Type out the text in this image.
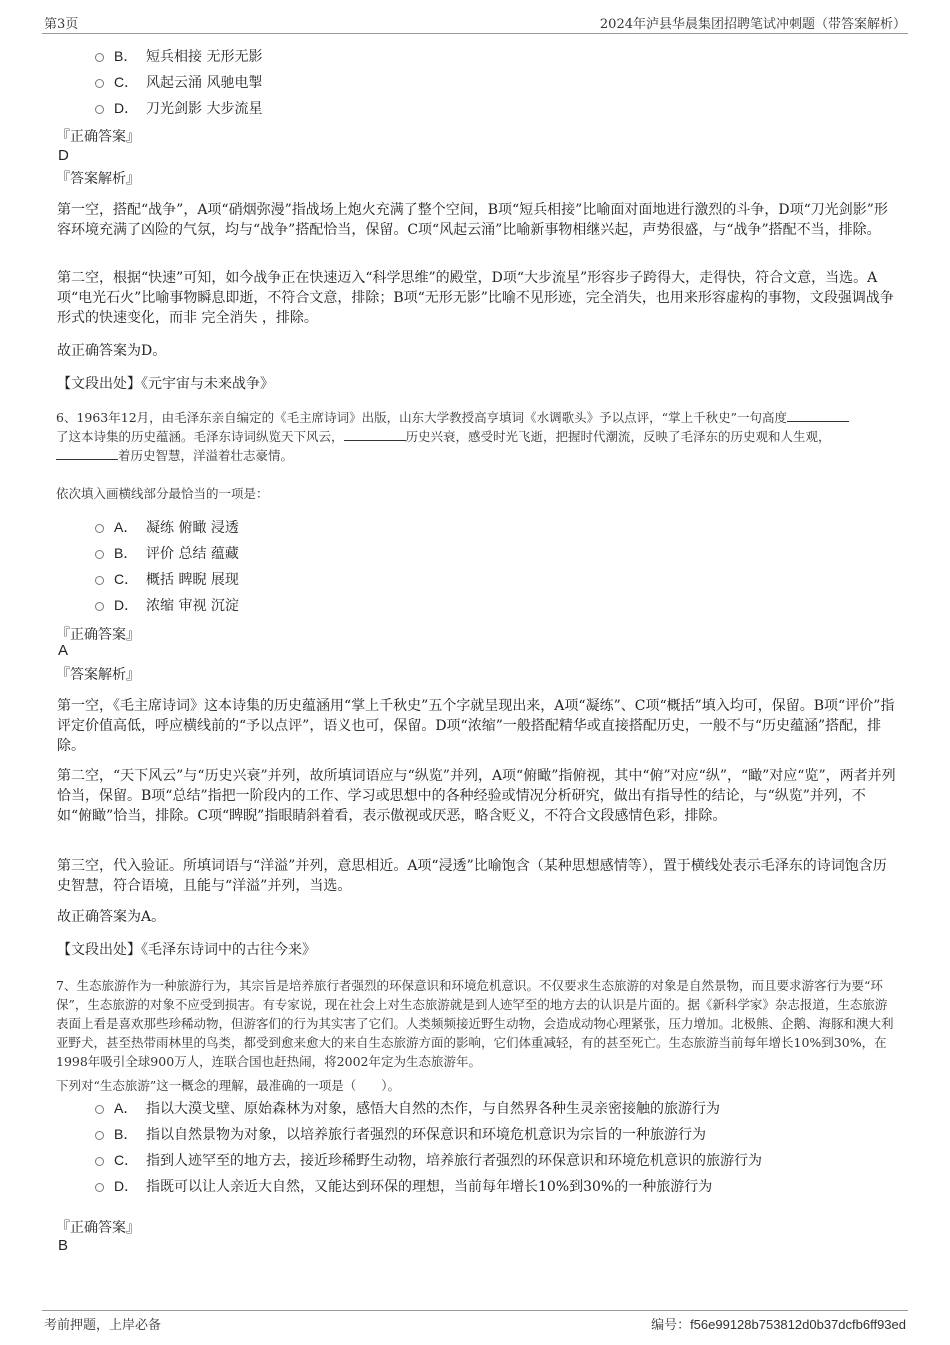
第3页	2024年泸县华晨集团招聘笔试冲刺题（带答案解析）
B． 短兵相接 无形无影
C． 风起云涌 风驰电掣
D． 刀光剑影 大步流星
『正确答案』
D
『答案解析』
第一空，搭配“战争”，A项“硝烟弥漫”指战场上炮火充满了整个空间，B项“短兵相接”比喻面对面地进行激烈的斗争，D项“刀光剑影”形容环境充满了凶险的气氛，均与“战争”搭配恰当，保留。C项“风起云涌”比喻新事物相继兴起，声势很盛，与“战争”搭配不当，排除。
第二空，根据“快速”可知，如今战争正在快速迈入“科学思维”的殿堂，D项“大步流星”形容步子跨得大，走得快，符合文意，当选。A项“电光石火”比喻事物瞬息即逝，不符合文意，排除；B项“无形无影”比喻不见形迹，完全消失，也用来形容虚构的事物，文段强调战争形式的快速变化，而非 完全消失 ，排除。
故正确答案为D。
【文段出处】《元宇宙与未来战争》
6、1963年12月，由毛泽东亲自编定的《毛主席诗词》出版，山东大学教授高亨填词《水调歌头》予以点评，“掌上千秋史”一句高度
了这本诗集的历史蕴涵。毛泽东诗词纵览天下风云，	历史兴衰，感受时光飞逝，把握时代潮流，反映了毛泽东的历史观和人生观，
着历史智慧，洋溢着壮志豪情。
依次填入画横线部分最恰当的一项是：
A． 凝练 俯瞰 浸透
B． 评价 总结 蕴藏
C． 概括 睥睨 展现
D． 浓缩 审视 沉淀
『正确答案』
A
『答案解析』
第一空，《毛主席诗词》这本诗集的历史蕴涵用“掌上千秋史”五个字就呈现出来，A项“凝练”、C项“概括”填入均可，保留。B项“评价”指评定价值高低，呼应横线前的“予以点评”，语义也可，保留。D项“浓缩”一般搭配精华或直接搭配历史，一般不与“历史蕴涵”搭配，排除。
第二空，“天下风云”与“历史兴衰”并列，故所填词语应与“纵览”并列，A项“俯瞰”指俯视，其中“俯”对应“纵”，“瞰”对应“览”，两者并列恰当，保留。B项“总结”指把一阶段内的工作、学习或思想中的各种经验或情况分析研究，做出有指导性的结论，与“纵览”并列，不如“俯瞰”恰当，排除。C项“睥睨”指眼睛斜着看，表示傲视或厌恶，略含贬义，不符合文段感情色彩，排除。
第三空，代入验证。所填词语与“洋溢”并列，意思相近。A项“浸透”比喻饱含（某种思想感情等），置于横线处表示毛泽东的诗词饱含历史智慧，符合语境，且能与“洋溢”并列，当选。
故正确答案为A。
【文段出处】《毛泽东诗词中的古往今来》
7、生态旅游作为一种旅游行为，其宗旨是培养旅行者强烈的环保意识和环境危机意识。不仅要求生态旅游的对象是自然景物，而且要求游客行为要“环保”，生态旅游的对象不应受到损害。有专家说，现在社会上对生态旅游就是到人迹罕至的地方去的认识是片面的。据《新科学家》杂志报道，生态旅游表面上看是喜欢那些珍稀动物，但游客们的行为其实害了它们。人类频频接近野生动物，会造成动物心理紧张，压力增加。北极熊、企鹅、海豚和澳大利亚野犬，甚至热带雨林里的鸟类，都受到愈来愈大的来自生态旅游方面的影响，它们体重减轻，有的甚至死亡。生态旅游当前每年增长10%到30%，在1998年吸引全球900万人，连联合国也赶热闹，将2002年定为生态旅游年。
下列对“生态旅游”这一概念的理解，最准确的一项是（　　）。
A． 指以大漠戈壁、原始森林为对象，感悟大自然的杰作，与自然界各种生灵亲密接触的旅游行为
B． 指以自然景物为对象，以培养旅行者强烈的环保意识和环境危机意识为宗旨的一种旅游行为
C． 指到人迹罕至的地方去，接近珍稀野生动物，培养旅行者强烈的环保意识和环境危机意识的旅游行为
D． 指既可以让人亲近大自然，又能达到环保的理想，当前每年增长10%到30%的一种旅游行为
『正确答案』
B
考前押题，上岸必备	编号：f56e99128b753812d0b37dcfb6ff93ed
